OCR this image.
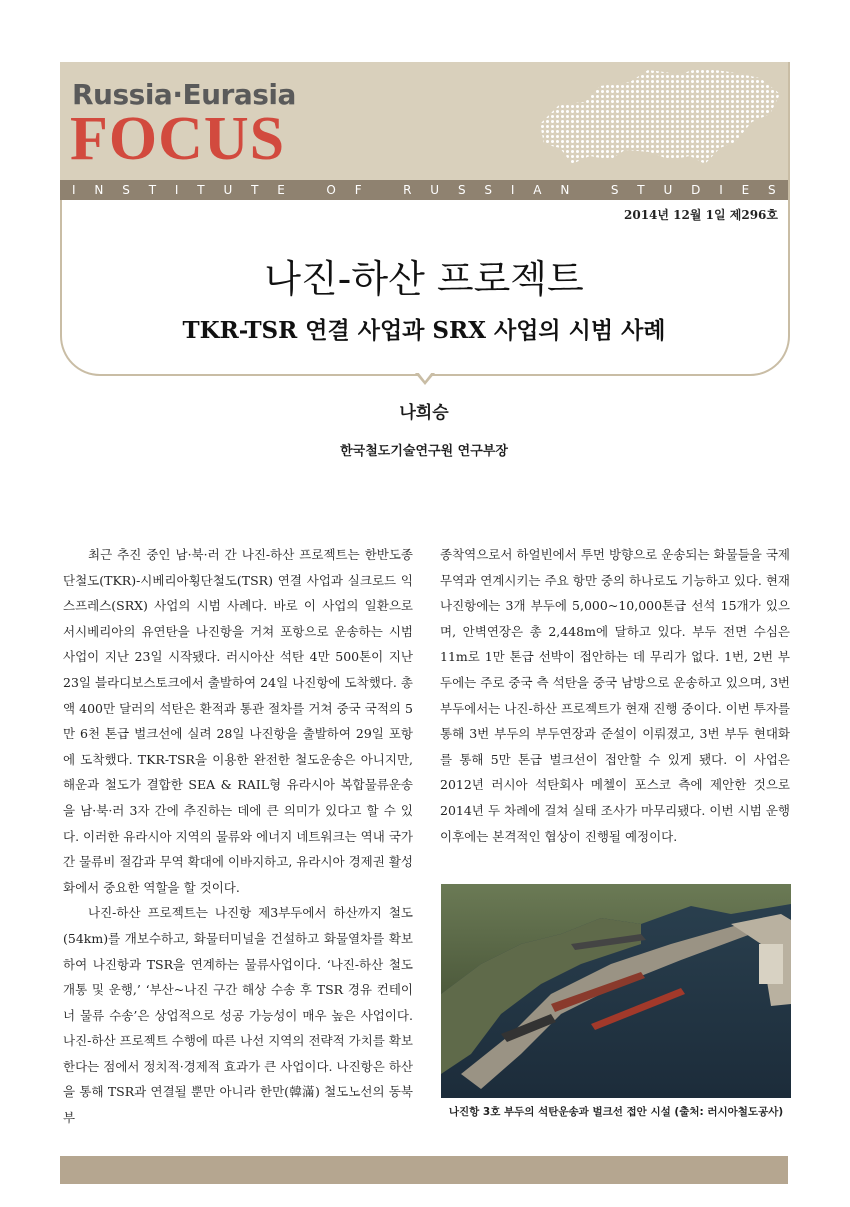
Russia·Eurasia
FOCUS
I N S T I T U T E
	O F
	R U S S I A N
	S T U D I E S
2014년 12월 1일 제296호
나진-하산 프로젝트
TKR-TSR 연결 사업과 SRX 사업의 시범 사례
나희승
한국철도기술연구원 연구부장

최근 추진 중인 남·북·러 간 나진-하산 프로젝트는 한반도종단철도(TKR)-시베리아횡단철도(TSR) 연결 사업과 실크로드 익스프레스(SRX) 사업의 시범 사례다. 바로 이 사업의 일환으로 서시베리아의 유연탄을 나진항을 거쳐 포항으로 운송하는 시범 사업이 지난 23일 시작됐다. 러시아산 석탄 4만 500톤이 지난 23일 블라디보스토크에서 출발하여 24일 나진항에 도착했다. 총액 400만 달러의 석탄은 환적과 통관 절차를 거쳐 중국 국적의 5만 6천 톤급 벌크선에 실려 28일 나진항을 출발하여 29일 포항에 도착했다. TKR-TSR을 이용한 완전한 철도운송은 아니지만, 해운과 철도가 결합한 SEA & RAIL형 유라시아 복합물류운송을 남·북·러 3자 간에 추진하는 데에 큰 의미가 있다고 할 수 있다. 이러한 유라시아 지역의 물류와 에너지 네트워크는 역내 국가 간 물류비 절감과 무역 확대에 이바지하고, 유라시아 경제권 활성화에서 중요한 역할을 할 것이다.

나진-하산 프로젝트는 나진항 제3부두에서 하산까지 철도(54km)를 개보수하고, 화물터미널을 건설하고 화물열차를 확보하여 나진항과 TSR을 연계하는 물류사업이다. ‘나진-하산 철도 개통 및 운행,’ ‘부산~나진 구간 해상 수송 후 TSR 경유 컨테이너 물류 수송’은 상업적으로 성공 가능성이 매우 높은 사업이다. 나진-하산 프로젝트 수행에 따른 나선 지역의 전략적 가치를 확보한다는 점에서 정치적·경제적 효과가 큰 사업이다. 나진항은 하산을 통해 TSR과 연결될 뿐만 아니라 한만(韓滿) 철도노선의 동북부

종착역으로서 하얼빈에서 투먼 방향으로 운송되는 화물들을 국제무역과 연계시키는 주요 항만 중의 하나로도 기능하고 있다. 현재 나진항에는 3개 부두에 5,000~10,000톤급 선석 15개가 있으며, 안벽연장은 총 2,448m에 달하고 있다. 부두 전면 수심은 11m로 1만 톤급 선박이 접안하는 데 무리가 없다. 1번, 2번 부두에는 주로 중국 측 석탄을 중국 남방으로 운송하고 있으며, 3번 부두에서는 나진-하산 프로젝트가 현재 진행 중이다. 이번 투자를 통해 3번 부두의 부두연장과 준설이 이뤄졌고, 3번 부두 현대화를 통해 5만 톤급 벌크선이 접안할 수 있게 됐다. 이 사업은 2012년 러시아 석탄회사 메첼이 포스코 측에 제안한 것으로 2014년 두 차례에 걸쳐 실태 조사가 마무리됐다. 이번 시범 운행 이후에는 본격적인 협상이 진행될 예정이다.

나진항 3호 부두의 석탄운송과 벌크선 접안 시설 (출처: 러시아철도공사)
